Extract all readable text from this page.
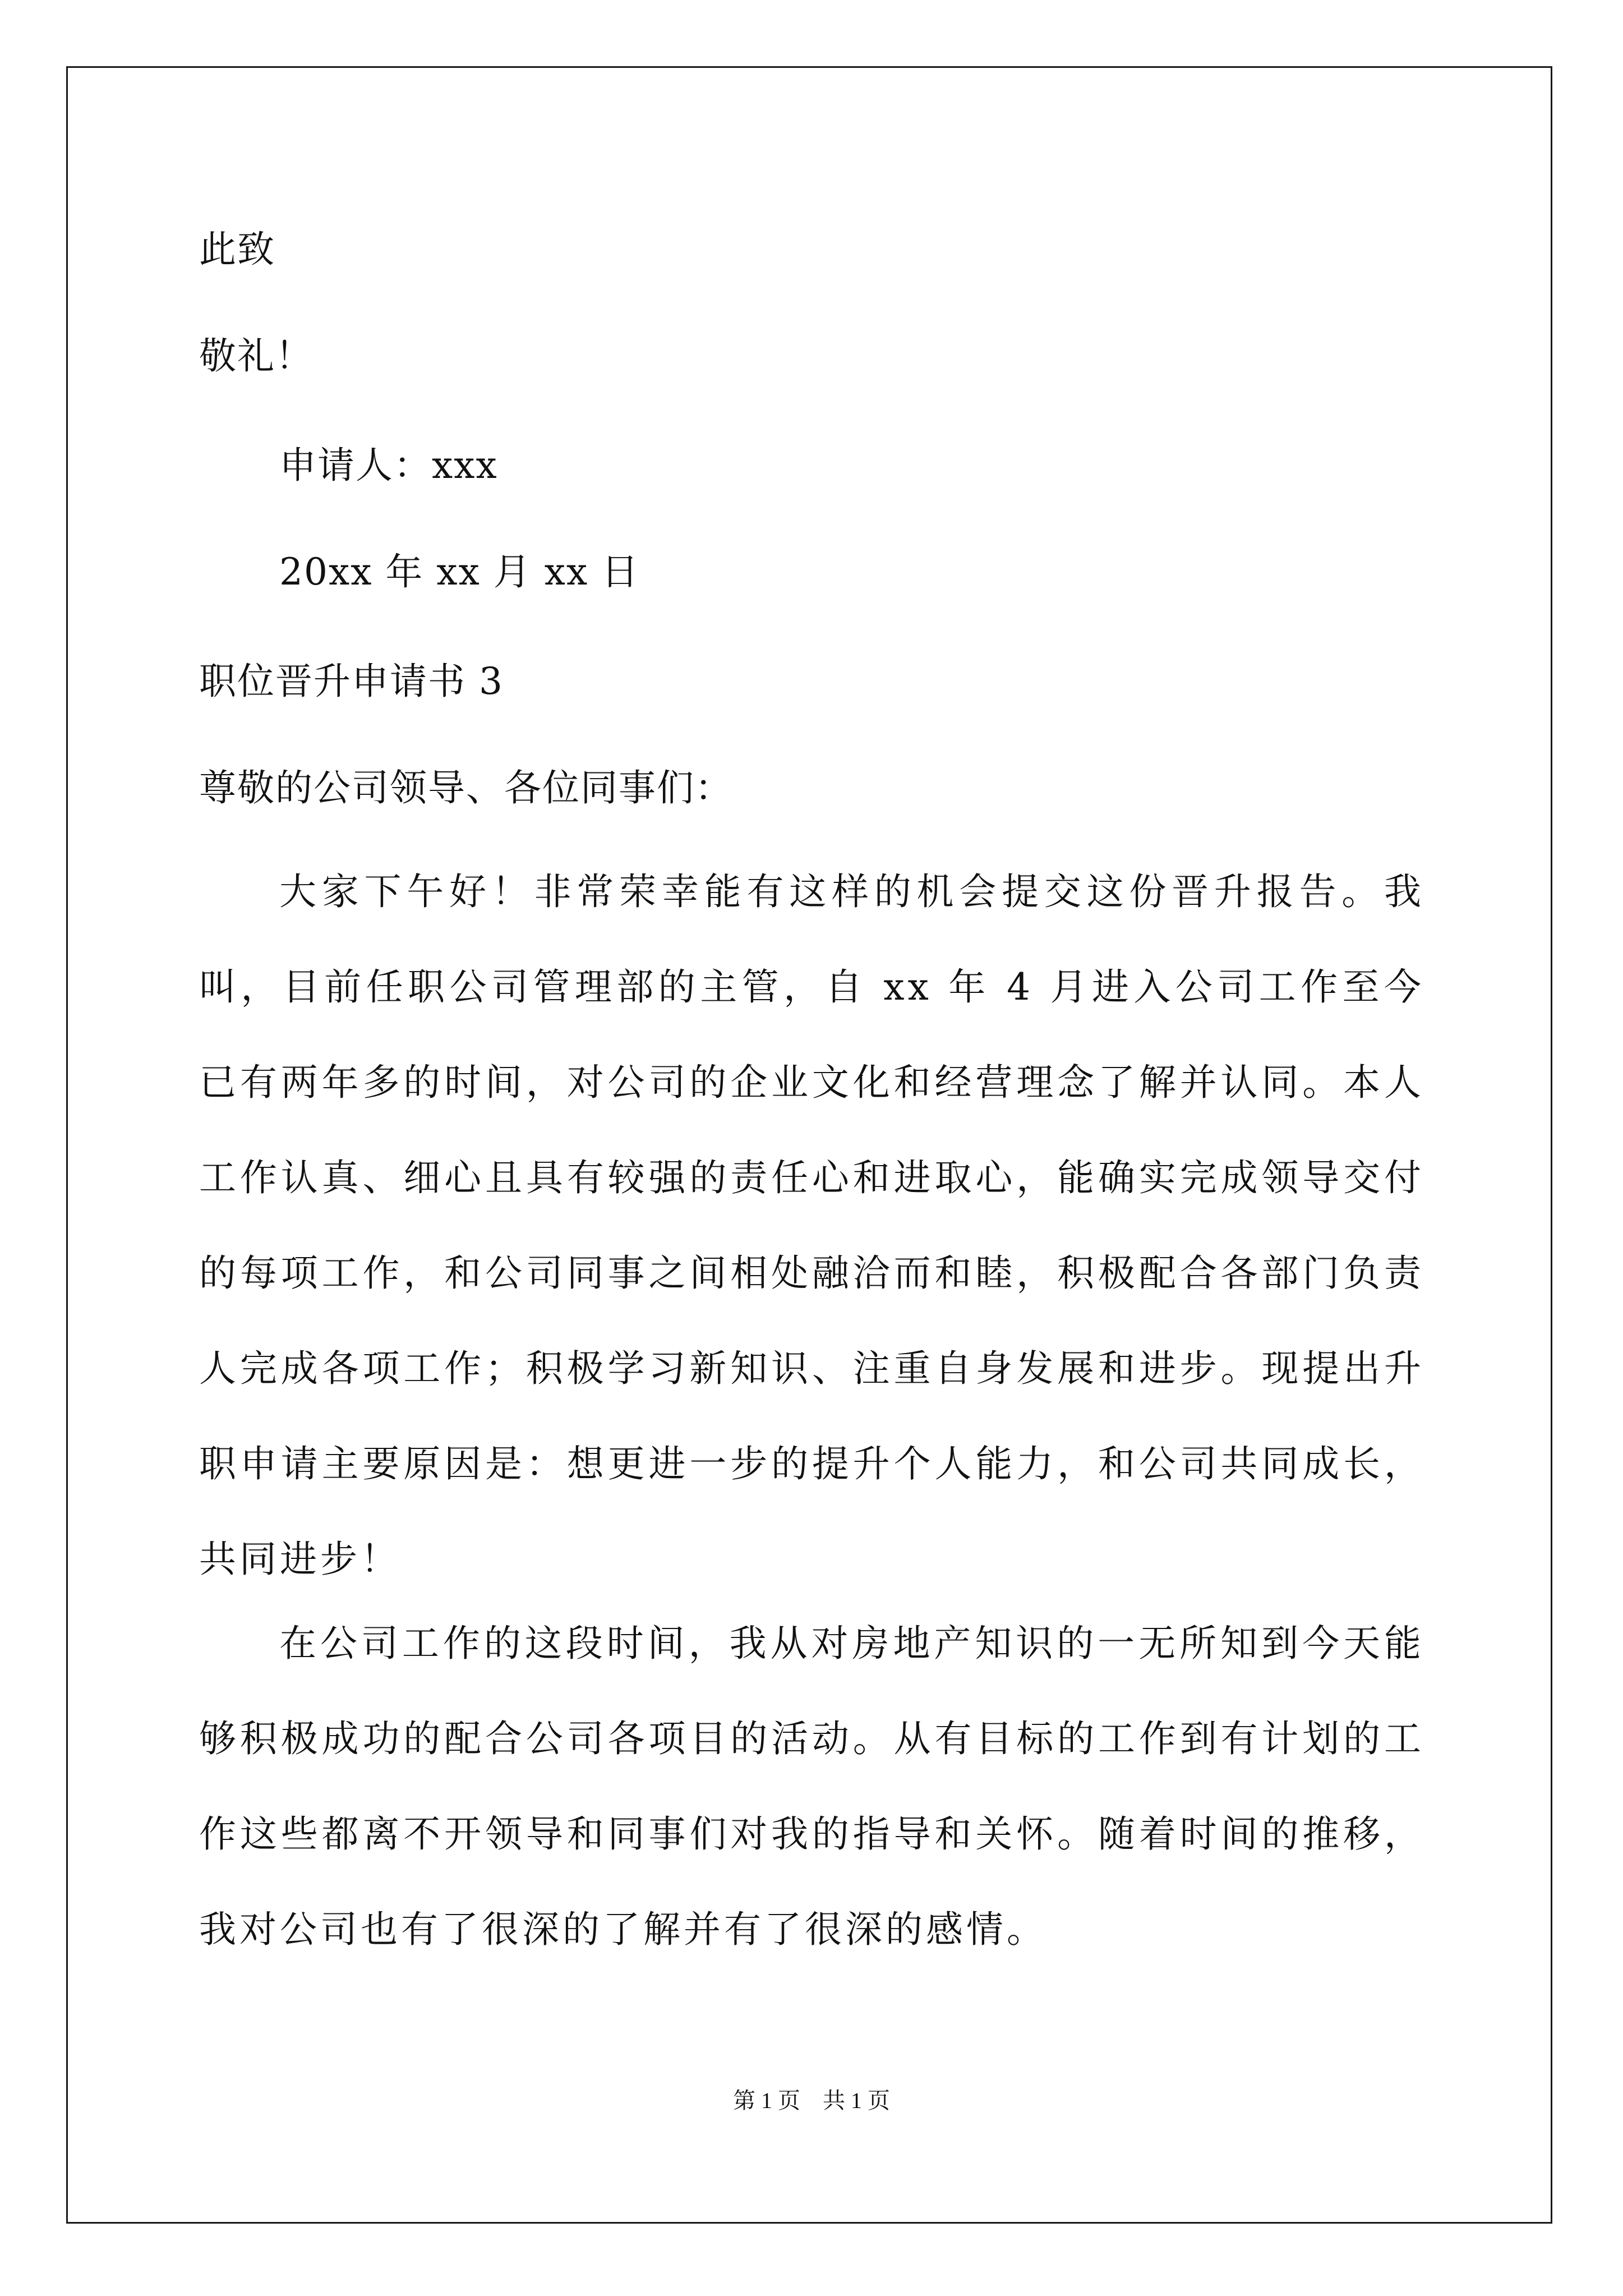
此致
敬礼！
申请人：xxx
20xx 年 xx 月 xx 日
职位晋升申请书 3
尊敬的公司领导、各位同事们：

大家下午好！非常荣幸能有这样的机会提交这份晋升报告。我叫，目前任职公司管理部的主管，自 xx 年 4 月进入公司工作至今已有两年多的时间，对公司的企业文化和经营理念了解并认同。本人工作认真、细心且具有较强的责任心和进取心，能确实完成领导交付的每项工作，和公司同事之间相处融洽而和睦，积极配合各部门负责人完成各项工作；积极学习新知识、注重自身发展和进步。现提出升职申请主要原因是：想更进一步的提升个人能力，和公司共同成长，共同进步！

在公司工作的这段时间，我从对房地产知识的一无所知到今天能够积极成功的配合公司各项目的活动。从有目标的工作到有计划的工作这些都离不开领导和同事们对我的指导和关怀。随着时间的推移，我对公司也有了很深的了解并有了很深的感情。

第 1 页　共 1 页
